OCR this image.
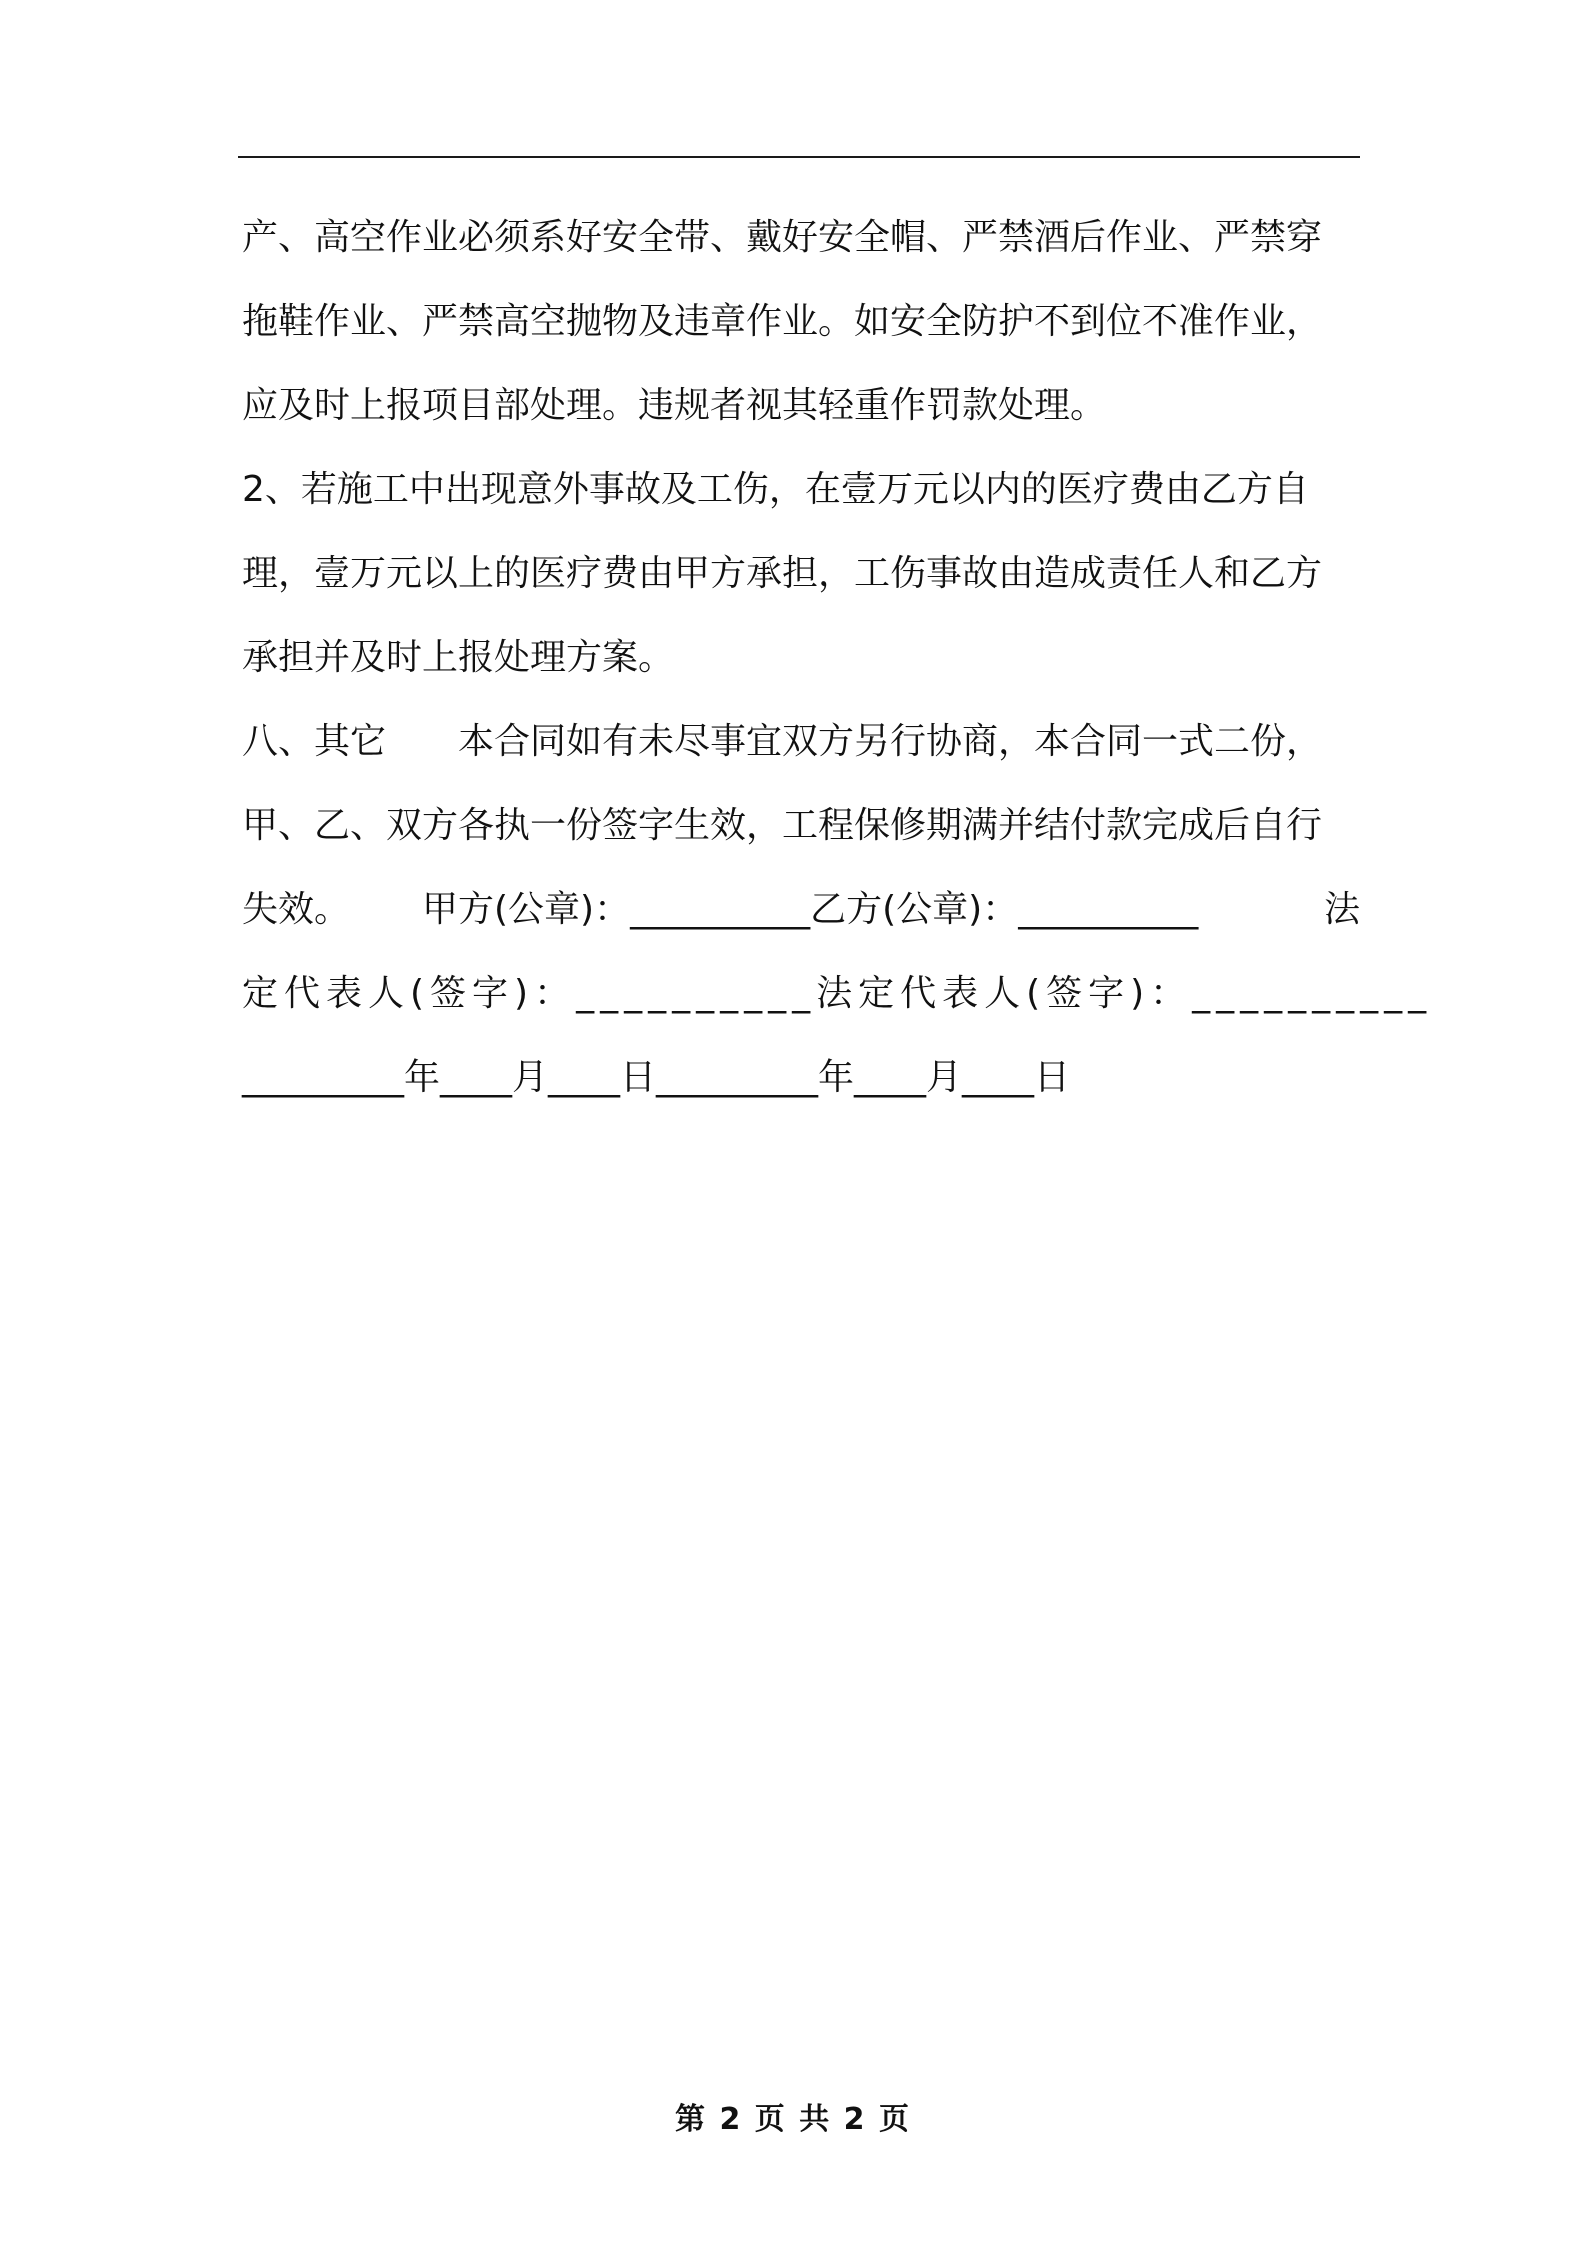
产、高空作业必须系好安全带、戴好安全帽、严禁酒后作业、严禁穿
拖鞋作业、严禁高空抛物及违章作业。如安全防护不到位不准作业，
应及时上报项目部处理。违规者视其轻重作罚款处理。
2、若施工中出现意外事故及工伤，在壹万元以内的医疗费由乙方自
理，壹万元以上的医疗费由甲方承担，工伤事故由造成责任人和乙方
承担并及时上报处理方案。
八、其它 本合同如有未尽事宜双方另行协商，本合同一式二份，
甲、乙、双方各执一份签字生效，工程保修期满并结付款完成后自行
失效。 甲方(公章)：__________乙方(公章)：__________	法
定代表人(签字)：__________ 法定代表人(签字)：__________
_________年____月____日_________年____月____日
第 2 页 共 2 页
